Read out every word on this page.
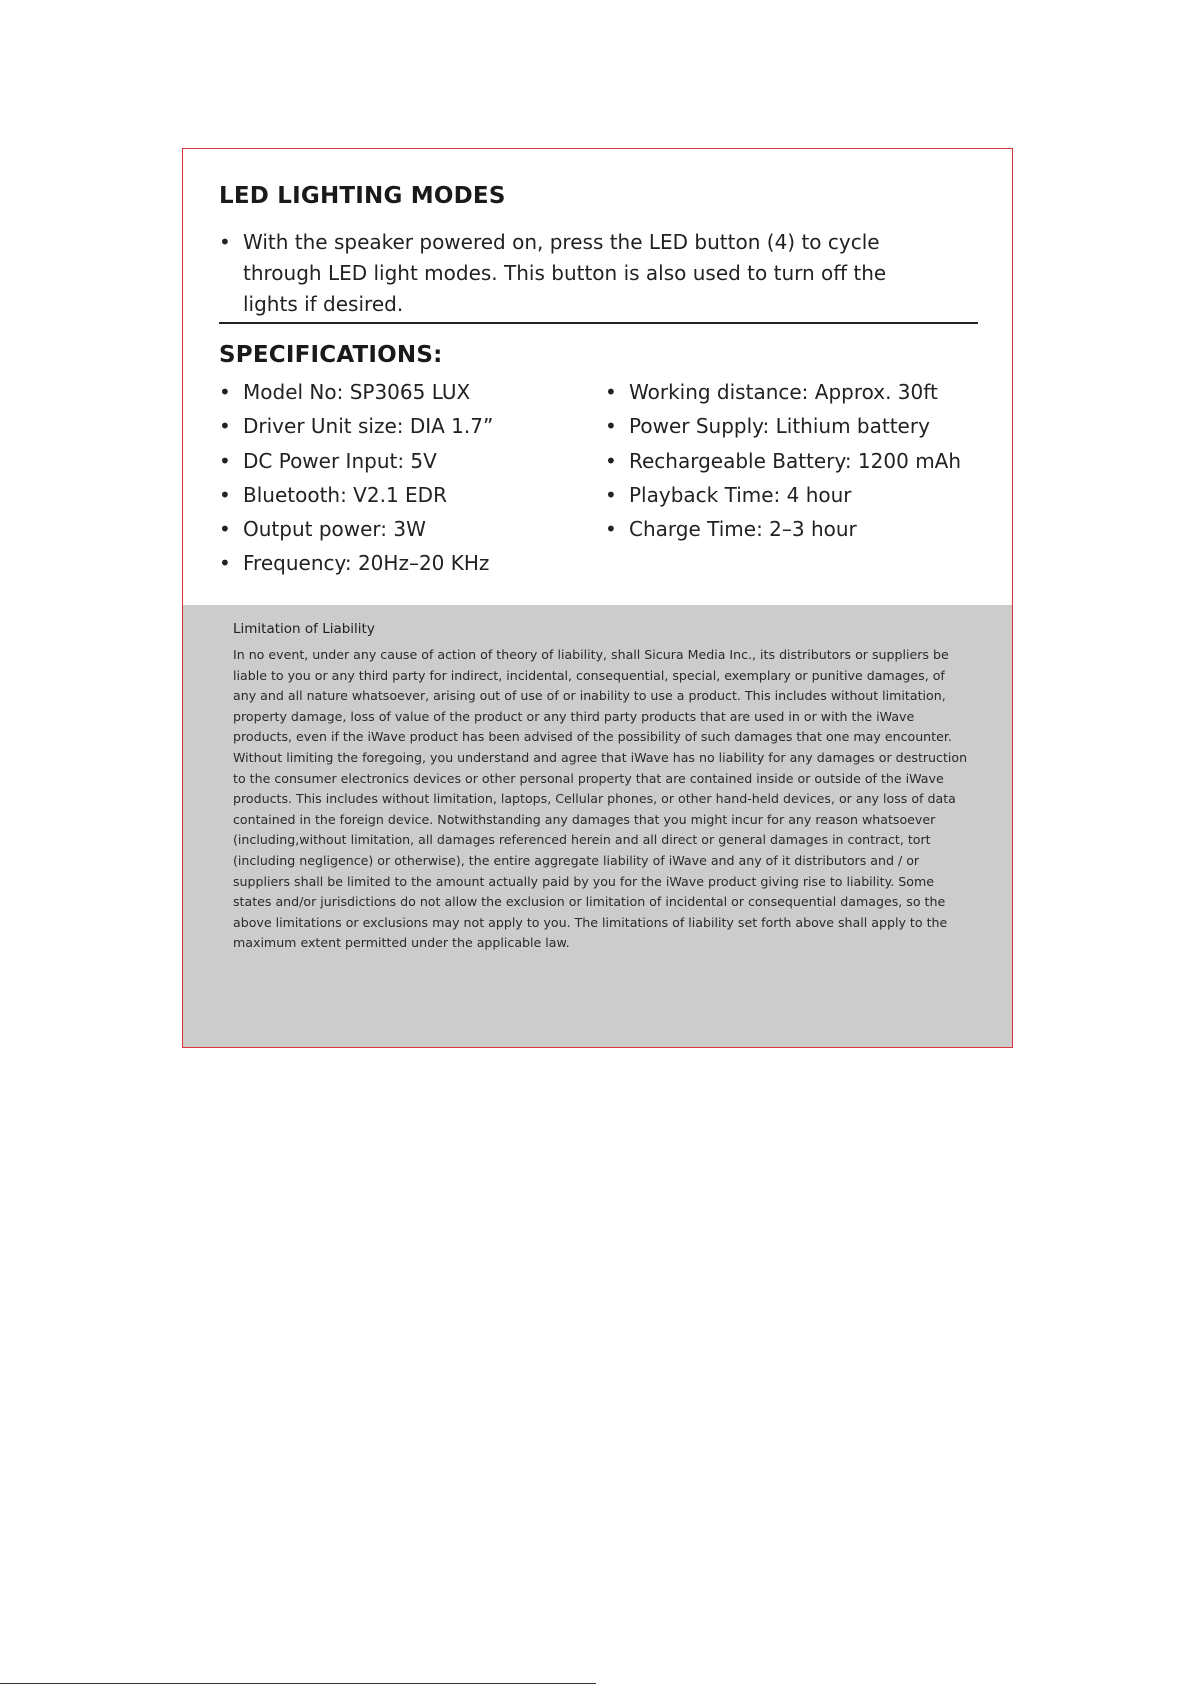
LED LIGHTING MODES
• With the speaker powered on, press the LED button (4) to cycle through LED light modes. This button is also used to turn off the lights if desired.
SPECIFICATIONS:
• Model No: SP3065 LUX
• Driver Unit size: DIA 1.7”
• DC Power Input: 5V
• Bluetooth: V2.1 EDR
• Output power: 3W
• Frequency: 20Hz–20 KHz
• Working distance: Approx. 30ft
• Power Supply: Lithium battery
• Rechargeable Battery: 1200 mAh
• Playback Time: 4 hour
• Charge Time: 2–3 hour
Limitation of Liability

In no event, under any cause of action of theory of liability, shall Sicura Media Inc., its distributors or suppliers be liable to you or any third party for indirect, incidental, consequential, special, exemplary or punitive damages, of any and all nature whatsoever, arising out of use of or inability to use a product. This includes without limitation, property damage, loss of value of the product or any third party products that are used in or with the iWave products, even if the iWave product has been advised of the possibility of such damages that one may encounter. Without limiting the foregoing, you understand and agree that iWave has no liability for any damages or destruction to the consumer electronics devices or other personal property that are contained inside or outside of the iWave products. This includes without limitation, laptops, Cellular phones, or other hand-held devices, or any loss of data contained in the foreign device. Notwithstanding any damages that you might incur for any reason whatsoever (including,without limitation, all damages referenced herein and all direct or general damages in contract, tort (including negligence) or otherwise), the entire aggregate liability of iWave and any of it distributors and / or suppliers shall be limited to the amount actually paid by you for the iWave product giving rise to liability. Some states and/or jurisdictions do not allow the exclusion or limitation of incidental or consequential damages, so the above limitations or exclusions may not apply to you. The limitations of liability set forth above shall apply to the maximum extent permitted under the applicable law.
